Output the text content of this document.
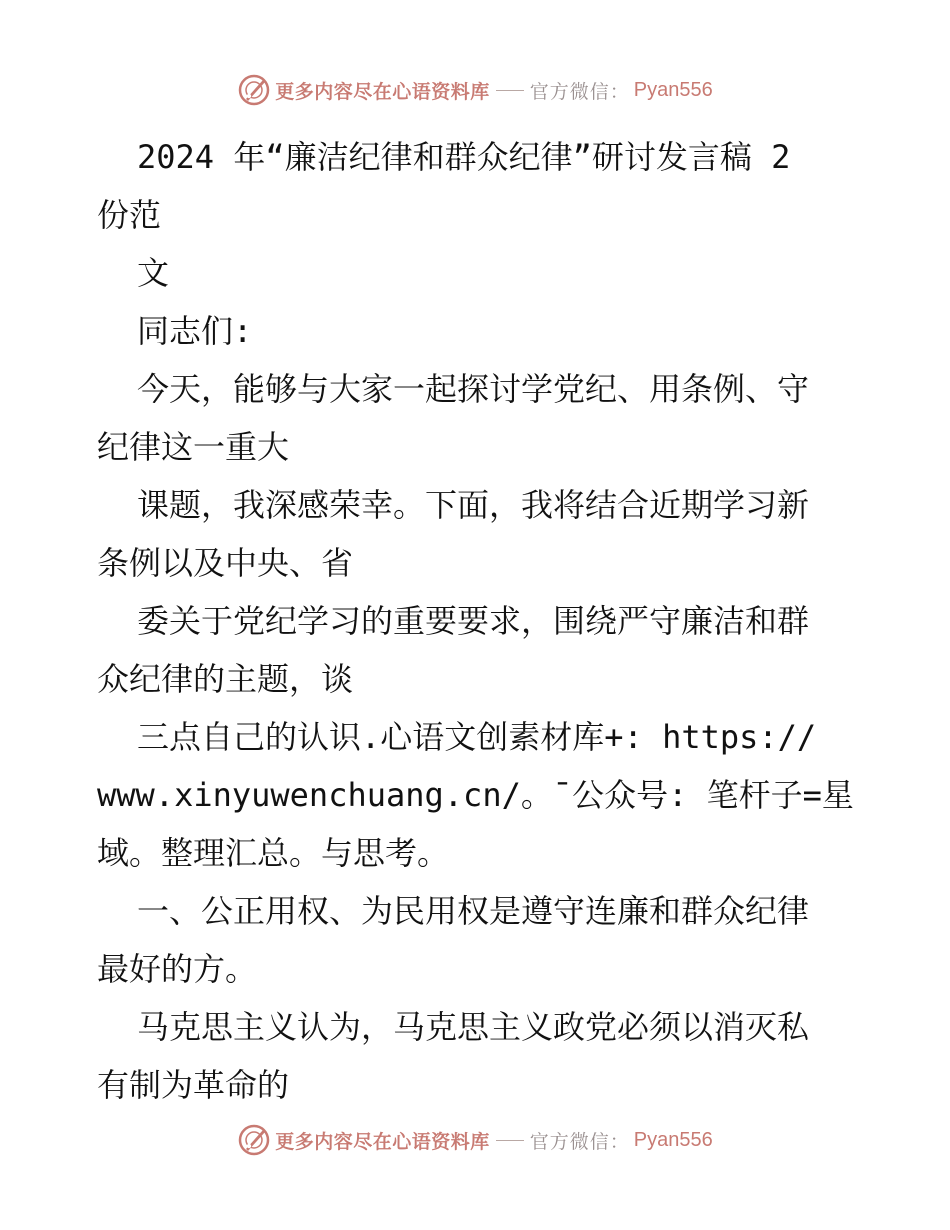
更多内容尽在心语资料库 官方微信： Pyan556
2024 年“廉洁纪律和群众纪律”研讨发言稿 2
份范
文
同志们:
今天，能够与大家一起探讨学党纪、用条例、守
纪律这一重大
课题，我深感荣幸。下面，我将结合近期学习新
条例以及中央、省
委关于党纪学习的重要要求，围绕严守廉洁和群
众纪律的主题，谈
三点自己的认识.心语文创素材库+: https://
www.xinyuwenchuang.cn/。¯公众号: 笔杆子=星
域。整理汇总。与思考。
一、公正用权、为民用权是遵守连廉和群众纪律
最好的方。
马克思主义认为，马克思主义政党必须以消灭私
有制为革命的
更多内容尽在心语资料库 官方微信： Pyan556
